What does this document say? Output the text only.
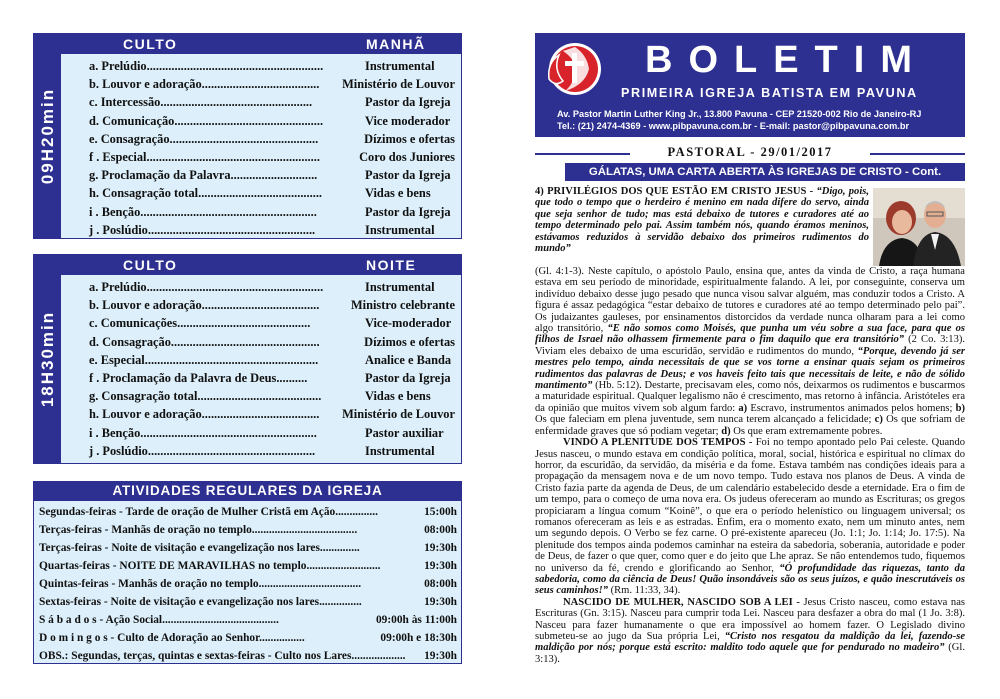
09H20min
CULTO	MANHÃ
a. Prelúdio.........................................................	Instrumental
b. Louvor e adoração......................................	Ministério de Louvor
c. Intercessão.................................................	Pastor da Igreja
d. Comunicação................................................	Vice moderador
e. Consagração................................................	Dízimos e ofertas
f . Especial........................................................	Coro dos Juniores
g. Proclamação da Palavra............................	Pastor da Igreja
h. Consagração total........................................	Vidas e bens
i . Benção.........................................................	Pastor da Igreja
j . Poslúdio......................................................	Instrumental
18H30min
CULTO	NOITE
a. Prelúdio.........................................................	Instrumental
b. Louvor e adoração......................................	Ministro celebrante
c. Comunicações...........................................	Vice-moderador
d. Consagração................................................	Dízimos e ofertas
e. Especial........................................................	Analice e Banda
f . Proclamação da Palavra de Deus..........	Pastor da Igreja
g. Consagração total........................................	Vidas e bens
h. Louvor e adoração......................................	Ministério de Louvor
i . Benção.........................................................	Pastor auxiliar
j . Poslúdio......................................................	Instrumental
ATIVIDADES REGULARES DA IGREJA
Segundas-feiras - Tarde de oração de Mulher Cristã em Ação...............	15:00h
Terças-feiras - Manhãs de oração no templo.....................................	08:00h
Terças-feiras - Noite de visitação e evangelização nos lares..............	19:30h
Quartas-feiras - NOITE DE MARAVILHAS no templo..........................	19:30h
Quintas-feiras - Manhãs de oração no templo....................................	08:00h
Sextas-feiras - Noite de visitação e evangelização nos lares...............	19:30h
S á b a d o s - Ação Social.........................................	09:00h às 11:00h
D o m i n g o s - Culto de Adoração ao Senhor................	09:00h e 18:30h
OBS.: Segundas, terças, quintas e sextas-feiras - Culto nos Lares...................	19:30h
BOLETIM
PRIMEIRA IGREJA BATISTA EM PAVUNA
Av. Pastor Martin Luther King Jr., 13.800 Pavuna - CEP 21520-002 Rio de Janeiro-RJ
Tel.: (21) 2474-4369 - www.pibpavuna.com.br - E-mail: pastor@pibpavuna.com.br
PASTORAL - 29/01/2017
GÁLATAS, UMA CARTA ABERTA ÀS IGREJAS DE CRISTO - Cont.

4) PRIVILÉGIOS DOS QUE ESTÃO EM CRISTO JESUS - “Digo, pois, que todo o tempo que o herdeiro é menino em nada difere do servo, ainda que seja senhor de tudo; mas está debaixo de tutores e curadores até ao tempo determinado pelo pai. Assim também nós, quando éramos meninos, estávamos reduzidos à servidão debaixo dos primeiros rudimentos do mundo”

(Gl. 4:1-3). Neste capítulo, o apóstolo Paulo, ensina que, antes da vinda de Cristo, a raça humana estava em seu período de minoridade, espiritualmente falando. A lei, por conseguinte, conserva um indivíduo debaixo desse jugo pesado que nunca visou salvar alguém, mas conduzir todos a Cristo. A figura é assaz pedagógica “estar debaixo de tutores e curadores até ao tempo determinado pelo pai”. Os judaizantes gauleses, por ensinamentos distorcidos da verdade nunca olharam para a lei como algo transitório, “E não somos como Moisés, que punha um véu sobre a sua face, para que os filhos de Israel não olhassem firmemente para o fim daquilo que era transitório” (2 Co. 3:13). Viviam eles debaixo de uma escuridão, servidão e rudimentos do mundo, “Porque, devendo já ser mestres pelo tempo, ainda necessitais de que se vos torne a ensinar quais sejam os primeiros rudimentos das palavras de Deus; e vos haveis feito tais que necessitais de leite, e não de sólido mantimento” (Hb. 5:12). Destarte, precisavam eles, como nós, deixarmos os rudimentos e buscarmos a maturidade espiritual. Qualquer legalismo não é crescimento, mas retorno à infância. Aristóteles era da opinião que muitos vivem sob algum fardo: a) Escravo, instrumentos animados pelos homens; b) Os que faleciam em plena juventude, sem nunca terem alcançado a felicidade; c) Os que sofriam de enfermidade graves que só podiam vegetar; d) Os que eram extremamente pobres.

VINDO A PLENITUDE DOS TEMPOS - Foi no tempo apontado pelo Pai celeste. Quando Jesus nasceu, o mundo estava em condição política, moral, social, histórica e espiritual no clímax do horror, da escuridão, da servidão, da miséria e da fome. Estava também nas condições ideais para a propagação da mensagem nova e de um novo tempo. Tudo estava nos planos de Deus. A vinda de Cristo fazia parte da agenda de Deus, de um calendário estabelecido desde a eternidade. Era o fim de um tempo, para o começo de uma nova era. Os judeus ofereceram ao mundo as Escrituras; os gregos propiciaram a língua comum “Koinê”, o que era o período helenístico ou linguagem universal; os romanos ofereceram as leis e as estradas. Enfim, era o momento exato, nem um minuto antes, nem um segundo depois. O Verbo se fez carne. O pré-existente apareceu (Jo. 1:1; Jo. 1:14; Jo. 17:5). Na plenitude dos tempos ainda podemos caminhar na esteira da sabedoria, soberania, autoridade e poder de Deus, de fazer o que quer, como quer e do jeito que Lhe apraz. Se não entendemos tudo, fiquemos no universo da fé, crendo e glorificando ao Senhor, “Ó profundidade das riquezas, tanto da sabedoria, como da ciência de Deus! Quão insondáveis são os seus juízos, e quão inescrutáveis os seus caminhos!” (Rm. 11:33, 34).

NASCIDO DE MULHER, NASCIDO SOB A LEI - Jesus Cristo nasceu, como estava nas Escrituras (Gn. 3:15). Nasceu para cumprir toda Lei. Nasceu para desfazer a obra do mal (1 Jo. 3:8). Nasceu para fazer humanamente o que era impossível ao homem fazer. O Legislado divino submeteu-se ao jugo da Sua própria Lei, “Cristo nos resgatou da maldição da lei, fazendo-se maldição por nós; porque está escrito: maldito todo aquele que for pendurado no madeiro” (Gl. 3:13).
